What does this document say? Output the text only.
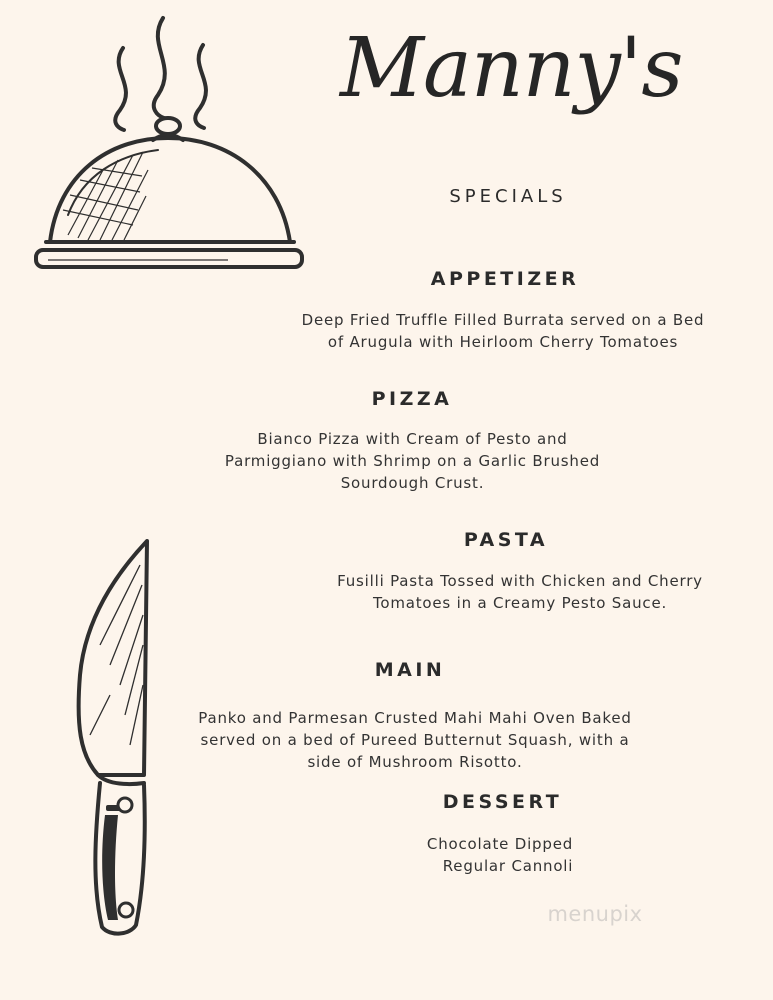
Manny's
SPECIALS
APPETIZER
Deep Fried Truffle Filled Burrata served on a Bed
of Arugula with Heirloom Cherry Tomatoes
PIZZA
Bianco Pizza with Cream of Pesto and
Parmiggiano with Shrimp on a Garlic Brushed
Sourdough Crust.
PASTA
Fusilli Pasta Tossed with Chicken and Cherry
Tomatoes in a Creamy Pesto Sauce.
MAIN
Panko and Parmesan Crusted Mahi Mahi Oven Baked
served on a bed of Pureed Butternut Squash, with a
side of Mushroom Risotto.
DESSERT
Chocolate Dipped
Regular Cannoli
menupix
